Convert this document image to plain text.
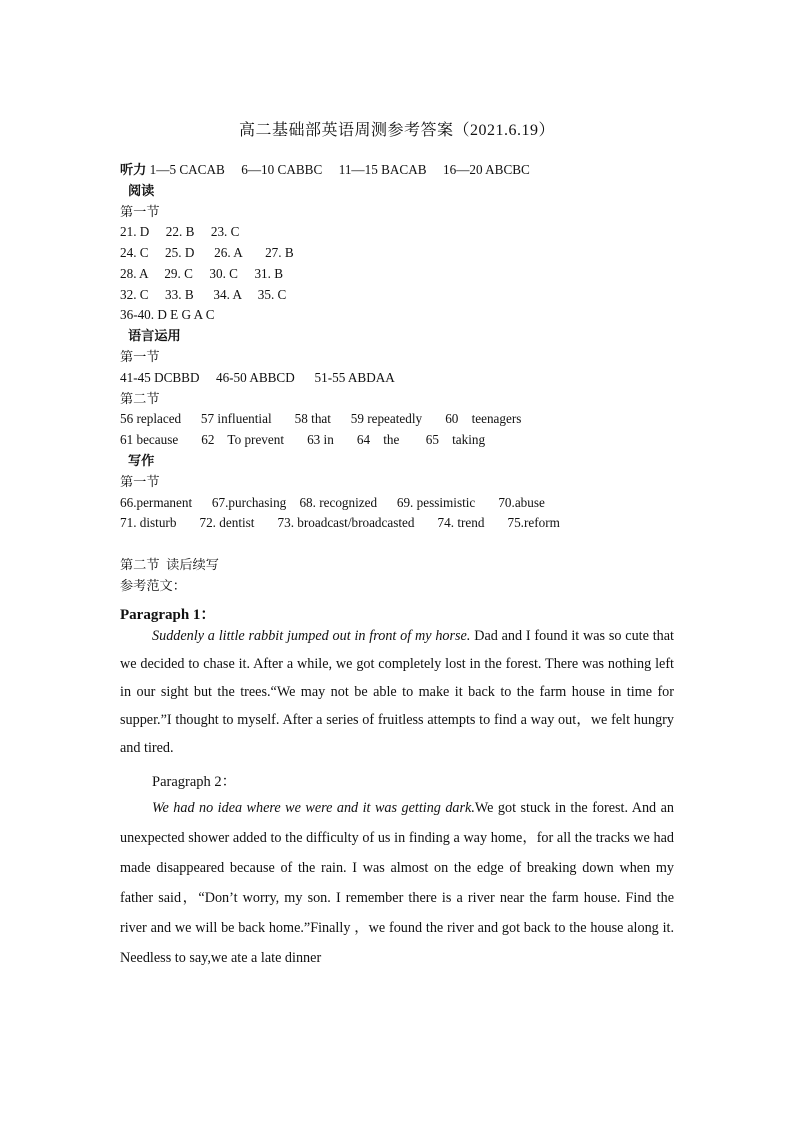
高二基础部英语周测参考答案（2021.6.19）
听力 1—5 CACAB     6—10 CABBC     11—15 BACAB     16—20 ABCBC
阅读
第一节
21. D     22. B     23. C
24. C     25. D      26. A       27. B
28. A     29. C     30. C     31. B
32. C     33. B      34. A     35. C
36-40. D E G A C
语言运用
第一节
41-45 DCBBD     46-50 ABBCD      51-55 ABDAA
第二节
56 replaced      57 influential       58 that      59 repeatedly       60    teenagers
61 because       62    To prevent       63 in       64    the        65    taking
写作
第一节
66.permanent      67.purchasing    68. recognized      69. pessimistic       70.abuse
71. disturb       72. dentist       73. broadcast/broadcasted       74. trend       75.reform
第二节  读后续写
参考范文：
Paragraph 1：
Suddenly a little rabbit jumped out in front of my horse. Dad and I found it was so cute that we decided to chase it. After a while, we got completely lost in the forest. There was nothing left in our sight but the trees.“We may not be able to make it back to the farm house in time for supper.”I thought to myself. After a series of fruitless attempts to find a way out，we felt hungry and tired.
Paragraph 2：
We had no idea where we were and it was getting dark.We got stuck in the forest. And an unexpected shower added to the difficulty of us in finding a way home，for all the tracks we had made disappeared because of the rain. I was almost on the edge of breaking down when my father said，“Don’t worry, my son. I remember there is a river near the farm house. Find the river and we will be back home.”Finally ，we found the river and got back to the house along it. Needless to say,we ate a late dinner
